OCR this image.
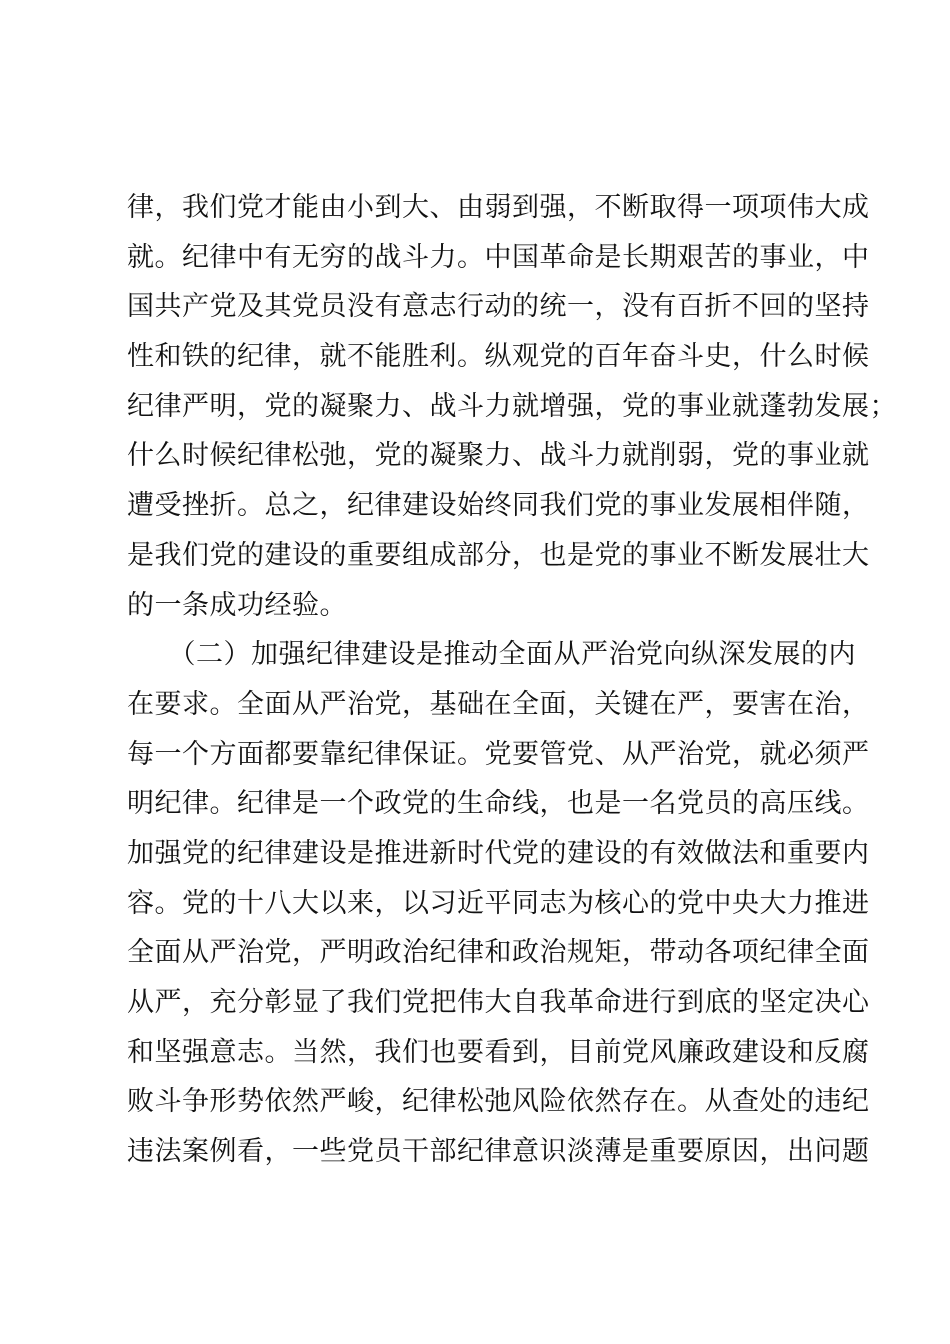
律，我们党才能由小到大、由弱到强，不断取得一项项伟大成
就。纪律中有无穷的战斗力。中国革命是长期艰苦的事业，中
国共产党及其党员没有意志行动的统一，没有百折不回的坚持
性和铁的纪律，就不能胜利。纵观党的百年奋斗史，什么时候
纪律严明，党的凝聚力、战斗力就增强，党的事业就蓬勃发展；
什么时候纪律松弛，党的凝聚力、战斗力就削弱，党的事业就
遭受挫折。总之，纪律建设始终同我们党的事业发展相伴随，
是我们党的建设的重要组成部分，也是党的事业不断发展壮大
的一条成功经验。
　　（二）加强纪律建设是推动全面从严治党向纵深发展的内
在要求。全面从严治党，基础在全面，关键在严，要害在治，
每一个方面都要靠纪律保证。党要管党、从严治党，就必须严
明纪律。纪律是一个政党的生命线，也是一名党员的高压线。
加强党的纪律建设是推进新时代党的建设的有效做法和重要内
容。党的十八大以来，以习近平同志为核心的党中央大力推进
全面从严治党，严明政治纪律和政治规矩，带动各项纪律全面
从严，充分彰显了我们党把伟大自我革命进行到底的坚定决心
和坚强意志。当然，我们也要看到，目前党风廉政建设和反腐
败斗争形势依然严峻，纪律松弛风险依然存在。从查处的违纪
违法案例看，一些党员干部纪律意识淡薄是重要原因，出问题
